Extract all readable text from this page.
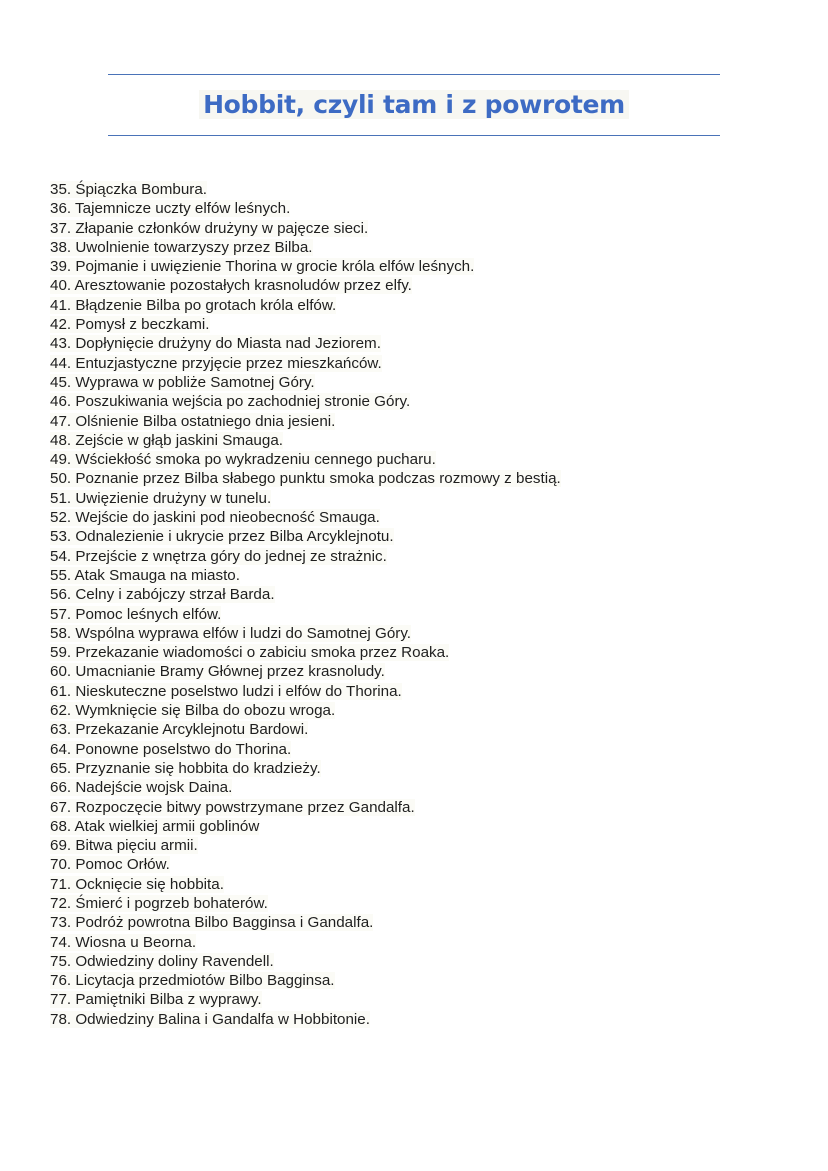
Hobbit, czyli tam i z powrotem
35. Śpiączka Bombura.
36. Tajemnicze uczty elfów leśnych.
37. Złapanie członków drużyny w pajęcze sieci.
38. Uwolnienie towarzyszy przez Bilba.
39. Pojmanie i uwięzienie Thorina w grocie króla elfów leśnych.
40. Aresztowanie pozostałych krasnoludów przez elfy.
41. Błądzenie Bilba po grotach króla elfów.
42. Pomysł z beczkami.
43. Dopłynięcie drużyny do Miasta nad Jeziorem.
44. Entuzjastyczne przyjęcie przez mieszkańców.
45. Wyprawa w pobliże Samotnej Góry.
46. Poszukiwania wejścia po zachodniej stronie Góry.
47. Olśnienie Bilba ostatniego dnia jesieni.
48. Zejście w głąb jaskini Smauga.
49. Wściekłość smoka po wykradzeniu cennego pucharu.
50. Poznanie przez Bilba słabego punktu smoka podczas rozmowy z bestią.
51. Uwięzienie drużyny w tunelu.
52. Wejście do jaskini pod nieobecność Smauga.
53. Odnalezienie i ukrycie przez Bilba Arcyklejnotu.
54. Przejście z wnętrza góry do jednej ze strażnic.
55. Atak Smauga na miasto.
56. Celny i zabójczy strzał Barda.
57. Pomoc leśnych elfów.
58. Wspólna wyprawa elfów i ludzi do Samotnej Góry.
59. Przekazanie wiadomości o zabiciu smoka przez Roaka.
60. Umacnianie Bramy Głównej przez krasnoludy.
61. Nieskuteczne poselstwo ludzi i elfów do Thorina.
62. Wymknięcie się Bilba do obozu wroga.
63. Przekazanie Arcyklejnotu Bardowi.
64. Ponowne poselstwo do Thorina.
65. Przyznanie się hobbita do kradzieży.
66. Nadejście wojsk Daina.
67. Rozpoczęcie bitwy powstrzymane przez Gandalfa.
68. Atak wielkiej armii goblinów
69. Bitwa pięciu armii.
70. Pomoc Orłów.
71. Ocknięcie się hobbita.
72. Śmierć i pogrzeb bohaterów.
73. Podróż powrotna Bilbo Bagginsa i Gandalfa.
74. Wiosna u Beorna.
75. Odwiedziny doliny Ravendell.
76. Licytacja przedmiotów Bilbo Bagginsa.
77. Pamiętniki Bilba z wyprawy.
78. Odwiedziny Balina i Gandalfa w Hobbitonie.
